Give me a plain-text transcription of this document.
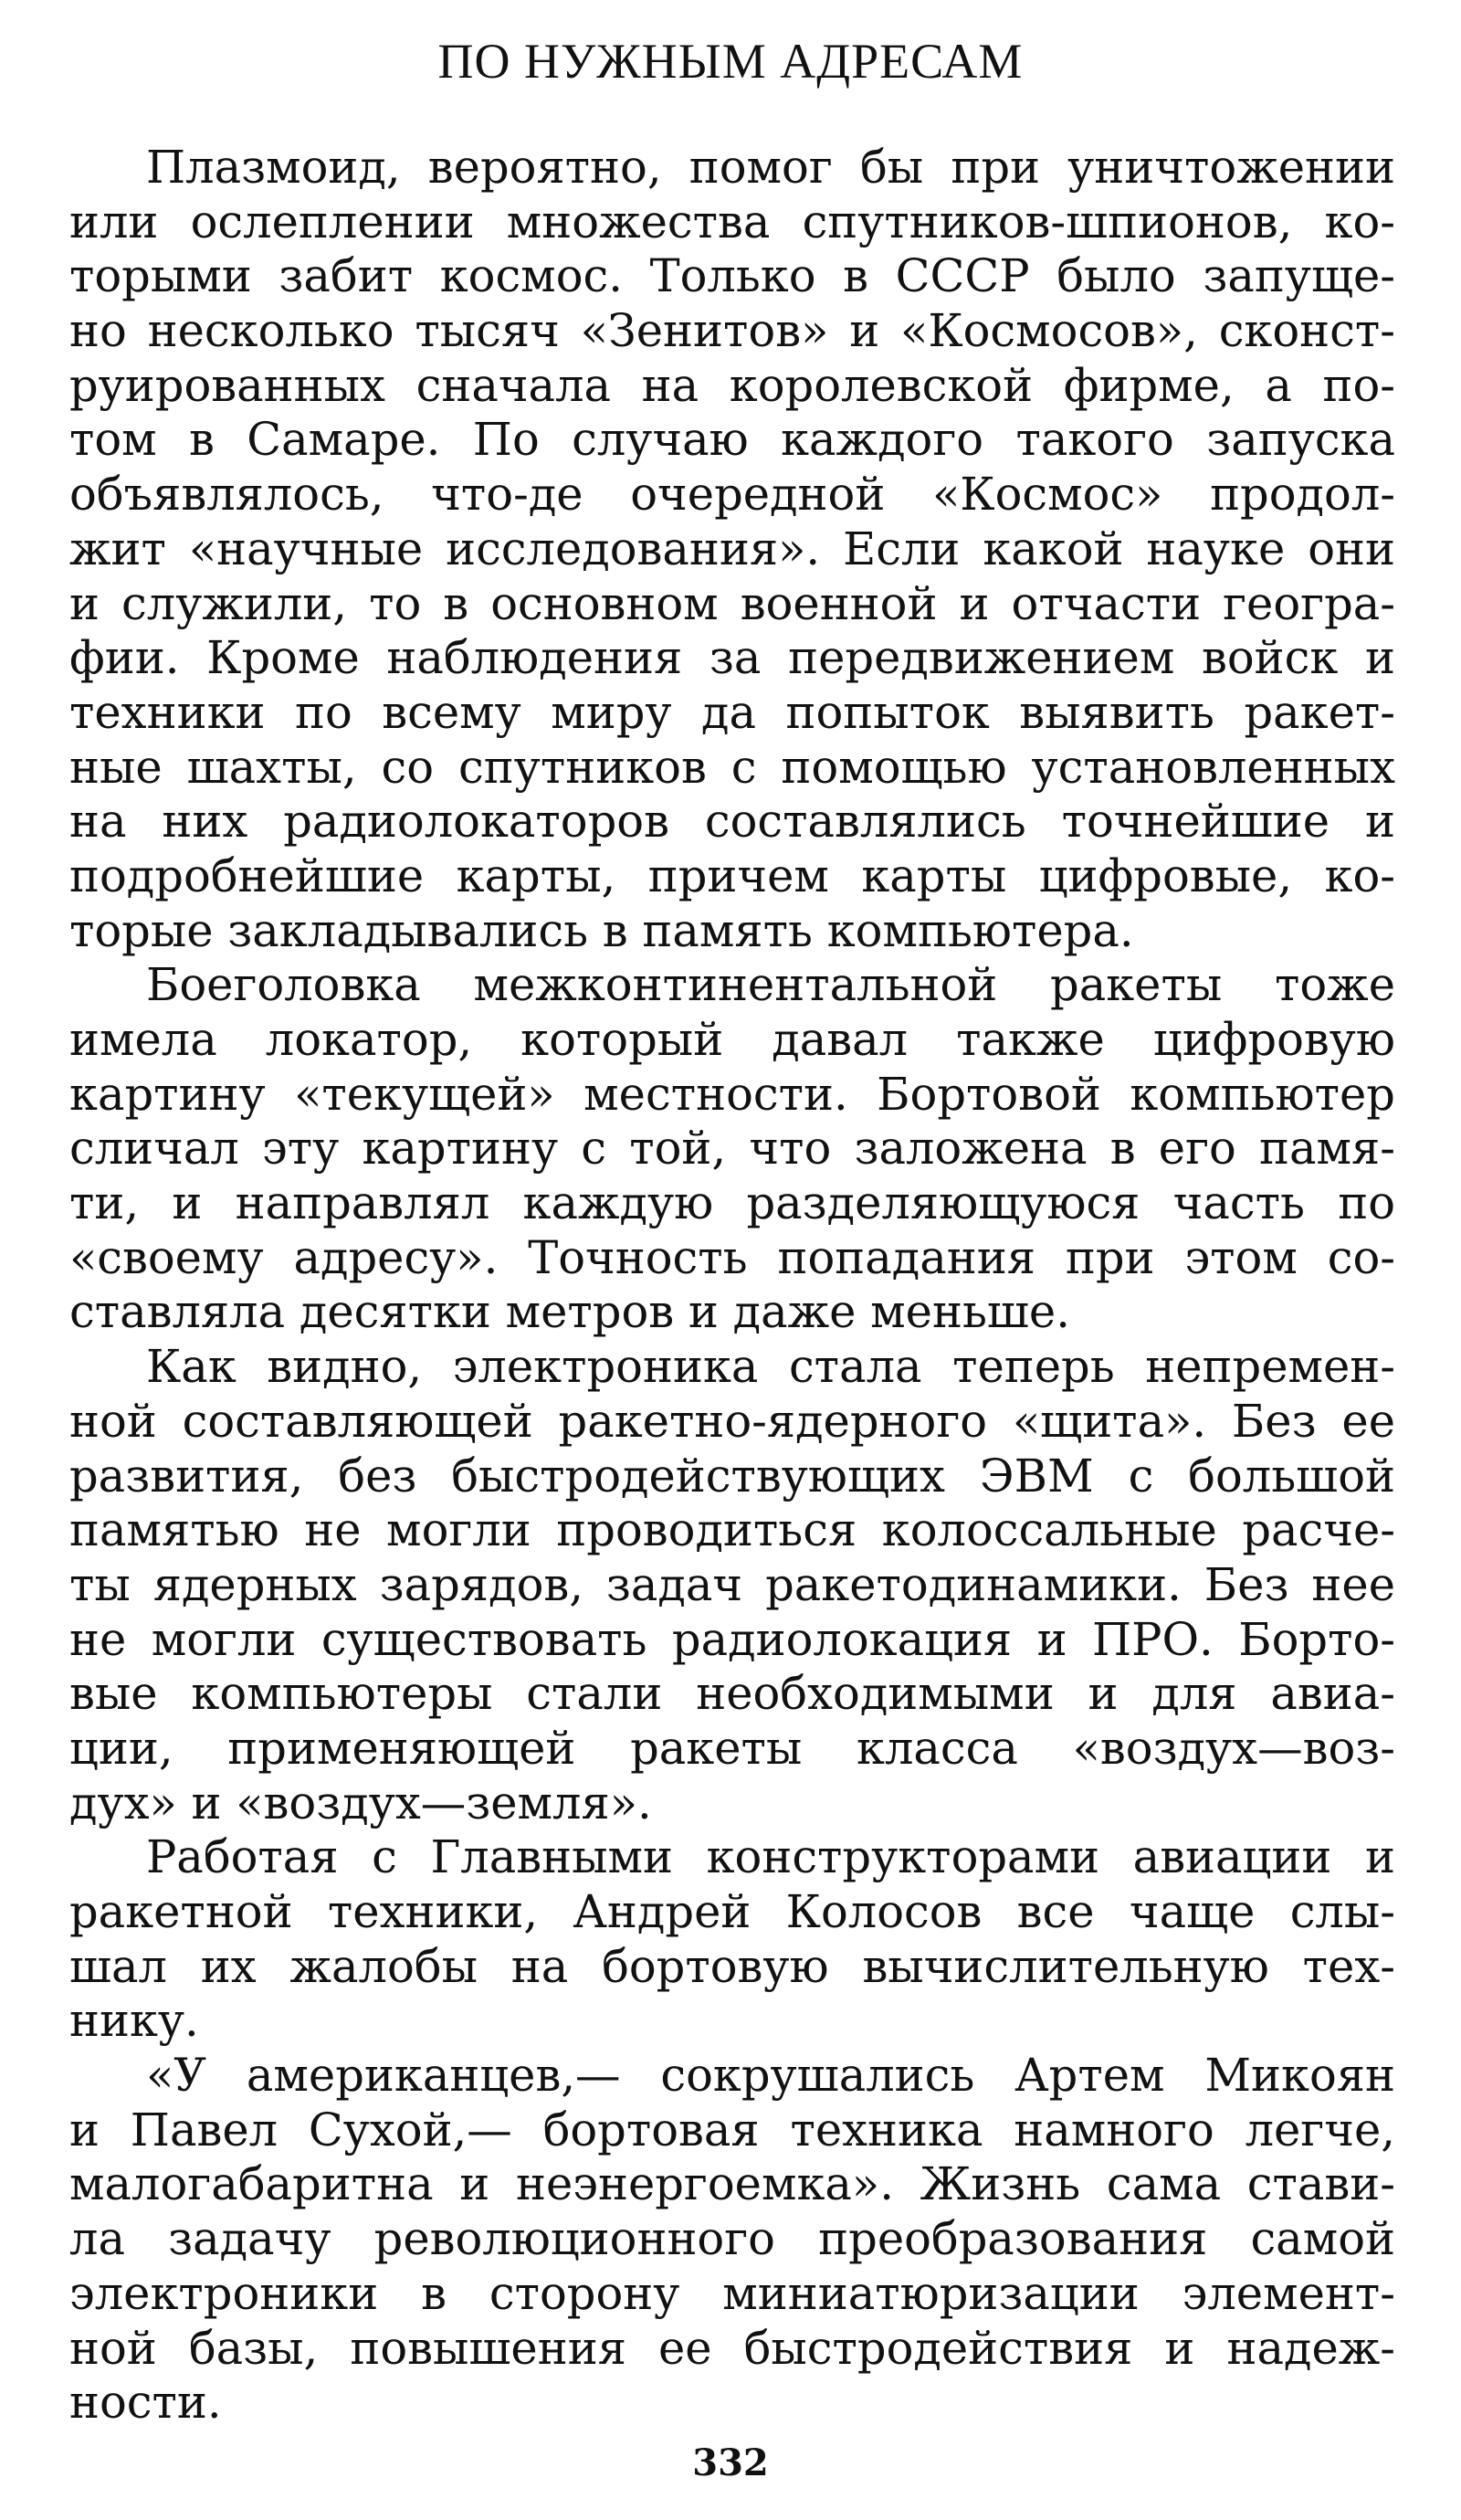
ПО НУЖНЫМ АДРЕСАМ
Плазмоид, вероятно, помог бы при уничтожении
или ослеплении множества спутников-шпионов, ко-
торыми забит космос. Только в СССР было запуще-
но несколько тысяч «Зенитов» и «Космосов», сконст-
руированных сначала на королевской фирме, а по-
том в Самаре. По случаю каждого такого запуска
объявлялось, что-де очередной «Космос» продол-
жит «научные исследования». Если какой науке они
и служили, то в основном военной и отчасти геогра-
фии. Кроме наблюдения за передвижением войск и
техники по всему миру да попыток выявить ракет-
ные шахты, со спутников с помощью установленных
на них радиолокаторов составлялись точнейшие и
подробнейшие карты, причем карты цифровые, ко-
торые закладывались в память компьютера.
Боеголовка межконтинентальной ракеты тоже
имела локатор, который давал также цифровую
картину «текущей» местности. Бортовой компьютер
сличал эту картину с той, что заложена в его памя-
ти, и направлял каждую разделяющуюся часть по
«своему адресу». Точность попадания при этом со-
ставляла десятки метров и даже меньше.
Как видно, электроника стала теперь непремен-
ной составляющей ракетно-ядерного «щита». Без ее
развития, без быстродействующих ЭВМ с большой
памятью не могли проводиться колоссальные расче-
ты ядерных зарядов, задач ракетодинамики. Без нее
не могли существовать радиолокация и ПРО. Борто-
вые компьютеры стали необходимыми и для авиа-
ции, применяющей ракеты класса «воздух—воз-
дух» и «воздух—земля».
Работая с Главными конструкторами авиации и
ракетной техники, Андрей Колосов все чаще слы-
шал их жалобы на бортовую вычислительную тех-
нику.
«У американцев,— сокрушались Артем Микоян
и Павел Сухой,— бортовая техника намного легче,
малогабаритна и неэнергоемка». Жизнь сама стави-
ла задачу революционного преобразования самой
электроники в сторону миниатюризации элемент-
ной базы, повышения ее быстродействия и надеж-
ности.
332
